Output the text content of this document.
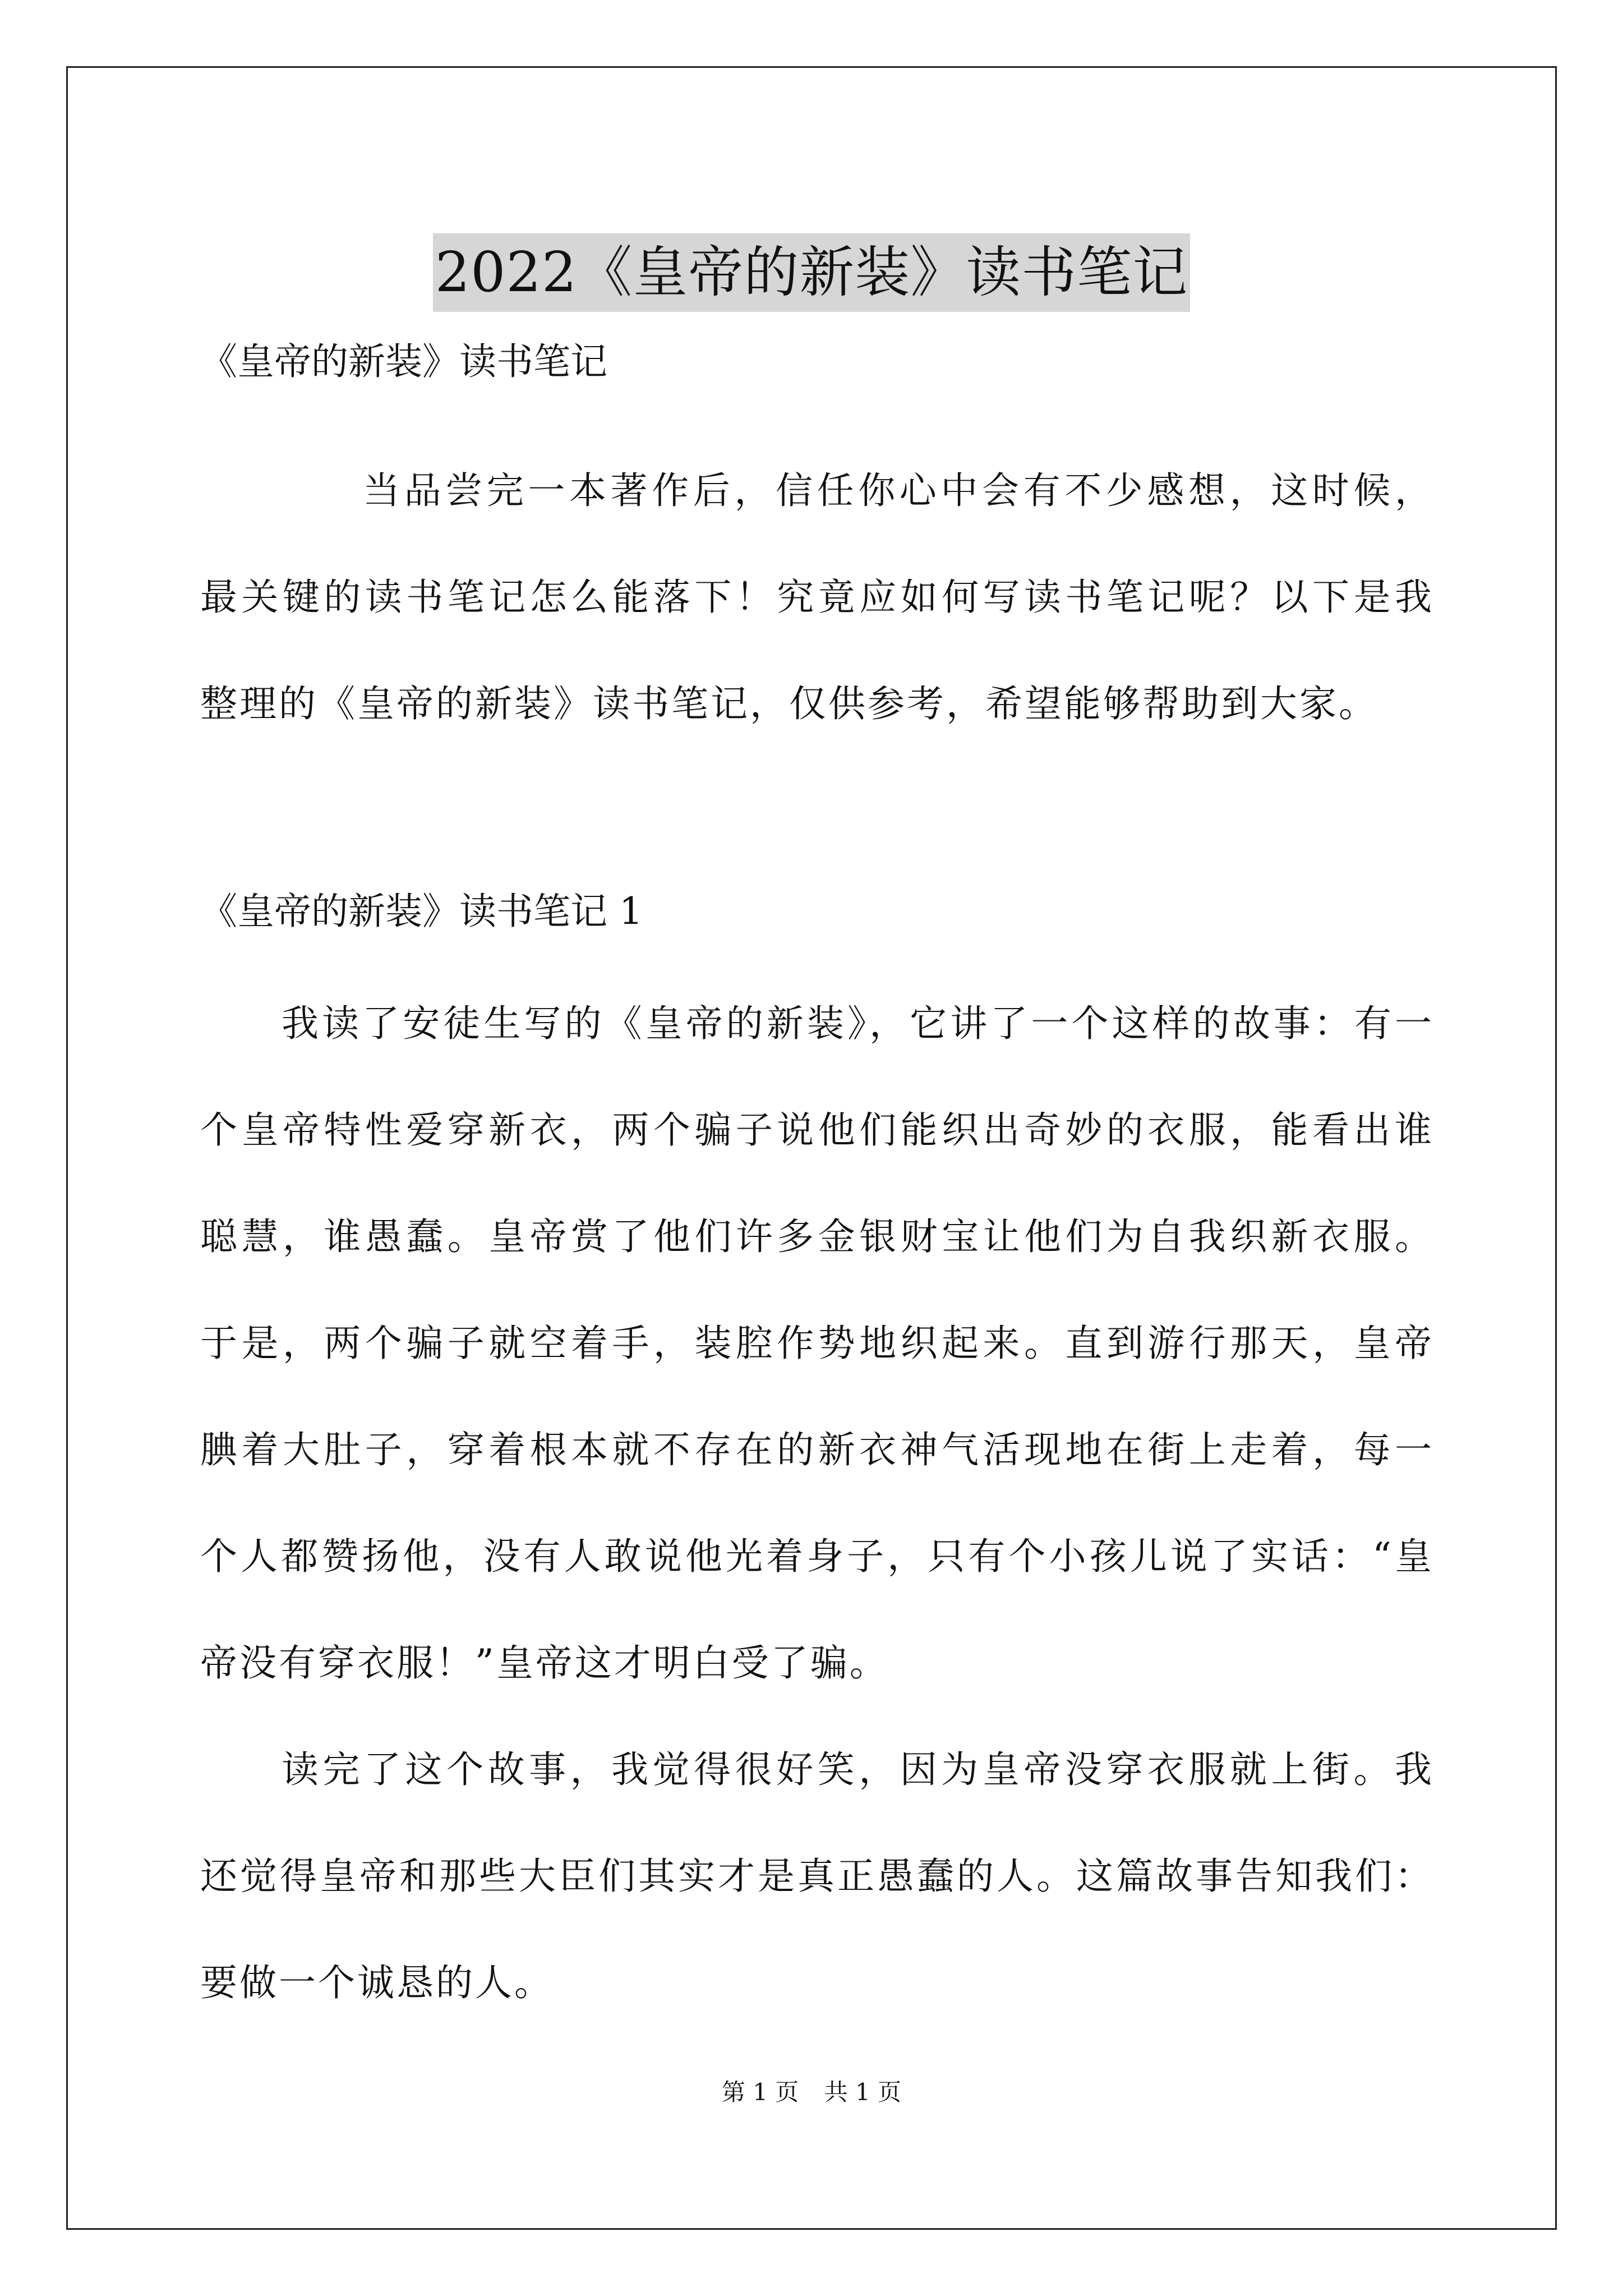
2022《皇帝的新装》读书笔记
《皇帝的新装》读书笔记
当品尝完一本著作后，信任你心中会有不少感想，这时候，
最关键的读书笔记怎么能落下！究竟应如何写读书笔记呢？以下是我
整理的《皇帝的新装》读书笔记，仅供参考，希望能够帮助到大家。
《皇帝的新装》读书笔记 1
我读了安徒生写的《皇帝的新装》，它讲了一个这样的故事：有一
个皇帝特性爱穿新衣，两个骗子说他们能织出奇妙的衣服，能看出谁
聪慧，谁愚蠢。皇帝赏了他们许多金银财宝让他们为自我织新衣服。
于是，两个骗子就空着手，装腔作势地织起来。直到游行那天，皇帝
腆着大肚子，穿着根本就不存在的新衣神气活现地在街上走着，每一
个人都赞扬他，没有人敢说他光着身子，只有个小孩儿说了实话：“皇
帝没有穿衣服！”皇帝这才明白受了骗。
读完了这个故事，我觉得很好笑，因为皇帝没穿衣服就上街。我
还觉得皇帝和那些大臣们其实才是真正愚蠢的人。这篇故事告知我们：
要做一个诚恳的人。
第 1 页 共 1 页
